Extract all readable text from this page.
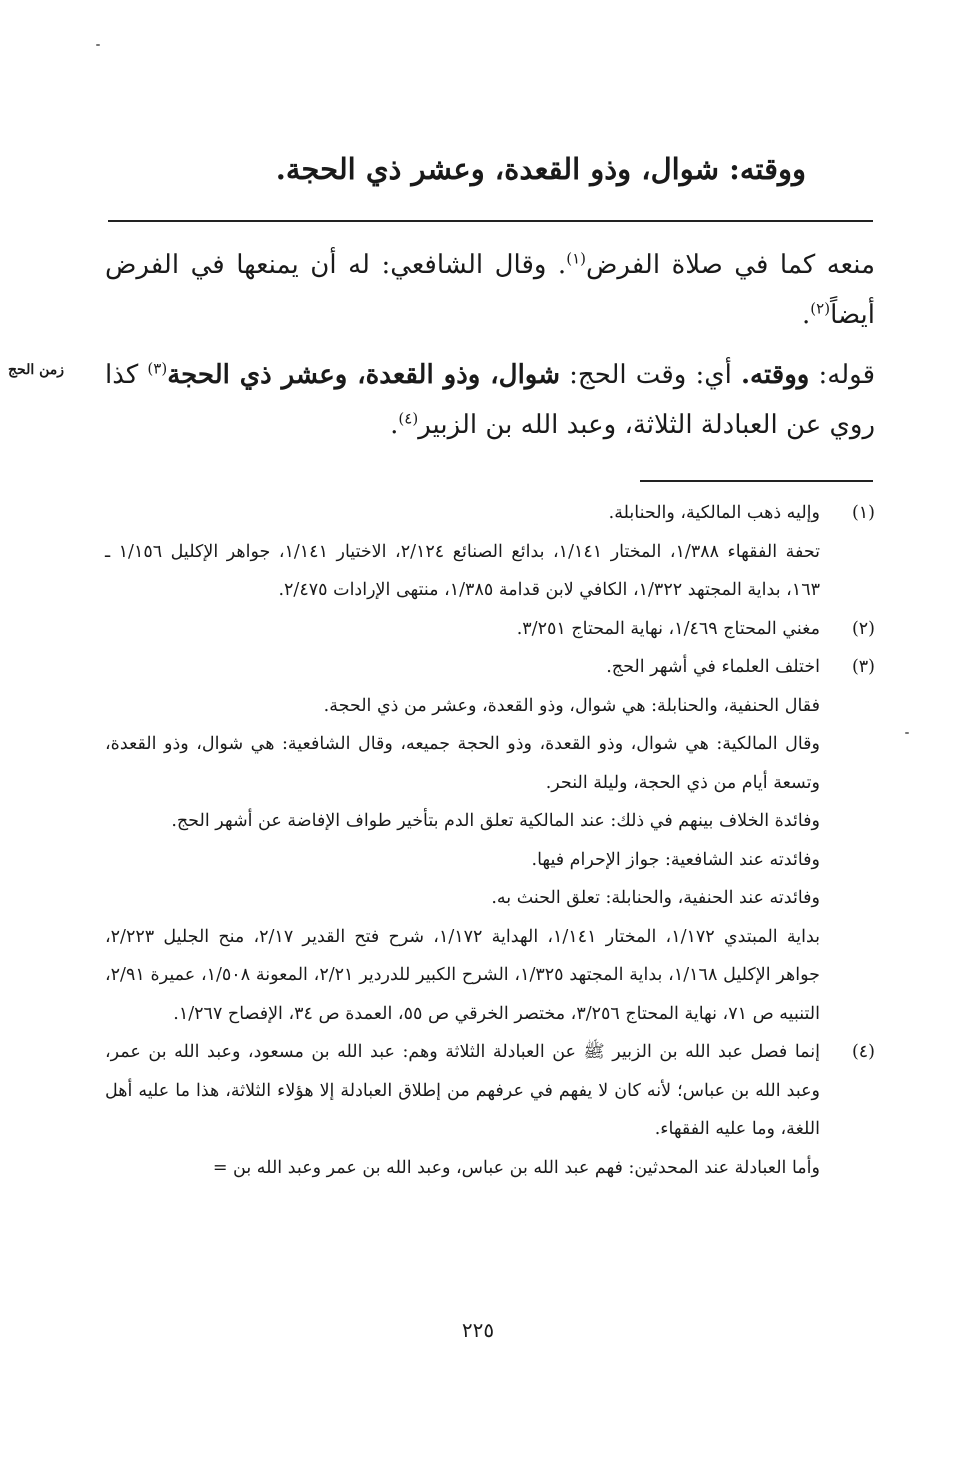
ووقته: شوال، وذو القعدة، وعشر ذي الحجة.

منعه كما في صلاة الفرض$^{(١)}$. وقال الشافعي: له أن يمنعها في الفرض أيضاً$^{(٢)}$.

قوله: ووقته. أي: وقت الحج: شوال، وذو القعدة، وعشر ذي الحجة$^{(٣)}$ كذا روي عن العبادلة الثلاثة، وعبد الله بن الزبير$^{(٤)}$.

زمن الحج
(١)
وإليه ذهب المالكية، والحنابلة.
تحفة الفقهاء ١/٣٨٨، المختار ١/١٤١، بدائع الصنائع ٢/١٢٤، الاختيار ١/١٤١، جواهر الإكليل ١/١٥٦ ـ ١٦٣، بداية المجتهد ١/٣٢٢، الكافي لابن قدامة ١/٣٨٥، منتهى الإرادات ٢/٤٧٥.
(٢)
مغني المحتاج ١/٤٦٩، نهاية المحتاج ٣/٢٥١.
(٣)
اختلف العلماء في أشهر الحج.
فقال الحنفية، والحنابلة: هي شوال، وذو القعدة، وعشر من ذي الحجة.
وقال المالكية: هي شوال، وذو القعدة، وذو الحجة جميعه، وقال الشافعية: هي شوال، وذو القعدة، وتسعة أيام من ذي الحجة، وليلة النحر.
وفائدة الخلاف بينهم في ذلك: عند المالكية تعلق الدم بتأخير طواف الإفاضة عن أشهر الحج.
وفائدته عند الشافعية: جواز الإحرام فيها.
وفائدته عند الحنفية، والحنابلة: تعلق الحنث به.
بداية المبتدي ١/١٧٢، المختار ١/١٤١، الهداية ١/١٧٢، شرح فتح القدير ٢/١٧، منح الجليل ٢/٢٢٣، جواهر الإكليل ١/١٦٨، بداية المجتهد ١/٣٢٥، الشرح الكبير للدردير ٢/٢١، المعونة ١/٥٠٨، عميرة ٢/٩١، التنبيه ص ٧١، نهاية المحتاج ٣/٢٥٦، مختصر الخرقي ص ٥٥، العمدة ص ٣٤، الإفصاح ١/٢٦٧.
(٤)
إنما فصل عبد الله بن الزبير ﷺ عن العبادلة الثلاثة وهم: عبد الله بن مسعود، وعبد الله بن عمر، وعبد الله بن عباس؛ لأنه كان لا يفهم في عرفهم من إطلاق العبادلة إلا هؤلاء الثلاثة، هذا ما عليه أهل اللغة، وما عليه الفقهاء.
وأما العبادلة عند المحدثين: فهم عبد الله بن عباس، وعبد الله بن عمر وعبد الله بن =
٢٢٥
